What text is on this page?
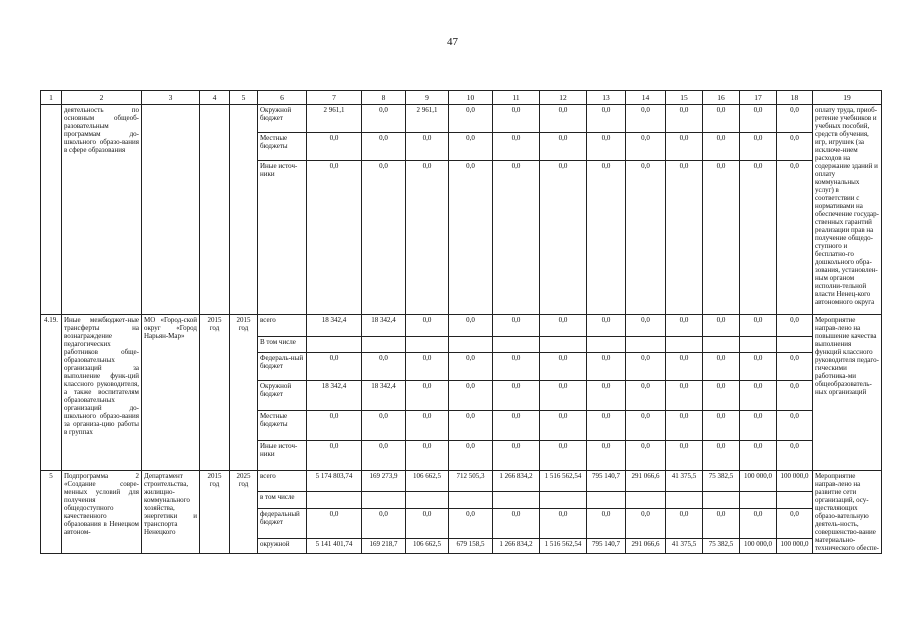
47
1	2	3	4	5	6	7	8	9	10	11	12	13	14	15	16	17	18	19
	деятельность по основным общеоб-разовательным программам до-школьного образо-вания в сфере образования				Окружной бюджет	2 961,1	0,0	2 961,1	0,0	0,0	0,0	0,0	0,0	0,0	0,0	0,0	0,0	оплату труда, приоб-ретение учебников и учебных пособий, средств обучения, игр, игрушек (за исключе-нием расходов на содержание зданий и оплату коммунальных услуг) в соответствии с нормативами на обеспечение государ-ственных гарантий реализации прав на получение общедо-ступного и бесплатно-го дошкольного обра-зования, установлен-ным органом исполни-тельной власти Ненец-кого автономного округа
					Местные бюджеты	0,0	0,0	0,0	0,0	0,0	0,0	0,0	0,0	0,0	0,0	0,0	0,0	
					Иные источ-ники	0,0	0,0	0,0	0,0	0,0	0,0	0,0	0,0	0,0	0,0	0,0	0,0	
4.19.	Иные межбюджет-ные трансферты на вознаграждение педагогических работников обще-образовательных организаций за выполнение функ-ций классного руководителя, а также воспитателям образовательных организаций до-школьного образо-вания за организа-цию работы в группах	МО «Город-ской округ «Город Нарьян-Мар»	2015 год	2015 год	всего	18 342,4	18 342,4	0,0	0,0	0,0	0,0	0,0	0,0	0,0	0,0	0,0	0,0	Мероприятие направ-лено на повышение качества выполнения функций классного руководителя педаго-гическими работника-ми общеобразователь-ных организаций
					В том числе													
					Федераль-ный бюджет	0,0	0,0	0,0	0,0	0,0	0,0	0,0	0,0	0,0	0,0	0,0	0,0	
					Окружной бюджет	18 342,4	18 342,4	0,0	0,0	0,0	0,0	0,0	0,0	0,0	0,0	0,0	0,0	
					Местные бюджеты	0,0	0,0	0,0	0,0	0,0	0,0	0,0	0,0	0,0	0,0	0,0	0,0	
					Иные источ-ники	0,0	0,0	0,0	0,0	0,0	0,0	0,0	0,0	0,0	0,0	0,0	0,0	
5	Подпрограмма 2 «Создание совре-менных условий для получения общедоступного качественного образования в Ненецком автоном-	Департамент строительства, жилищно-коммунального хозяйства, энергетики и транспорта Ненецкого	2015 год	2025 год	всего	5 174 803,74	169 273,9	106 662,5	712 505,3	1 266 834,2	1 516 562,54	795 140,7	291 066,6	41 375,5	75 382,5	100 000,0	100 000,0	Мероприятие направ-лено на развитие сети организаций, осу-ществляющих образо-вательную деятель-ность, совершенство-вание материально-технического обеспе-
					в том числе													
					федеральный бюджет	0,0	0,0	0,0	0,0	0,0	0,0	0,0	0,0	0,0	0,0	0,0	0,0	
					окружной	5 141 401,74	169 218,7	106 662,5	679 158,5	1 266 834,2	1 516 562,54	795 140,7	291 066,6	41 375,5	75 382,5	100 000,0	100 000,0	
